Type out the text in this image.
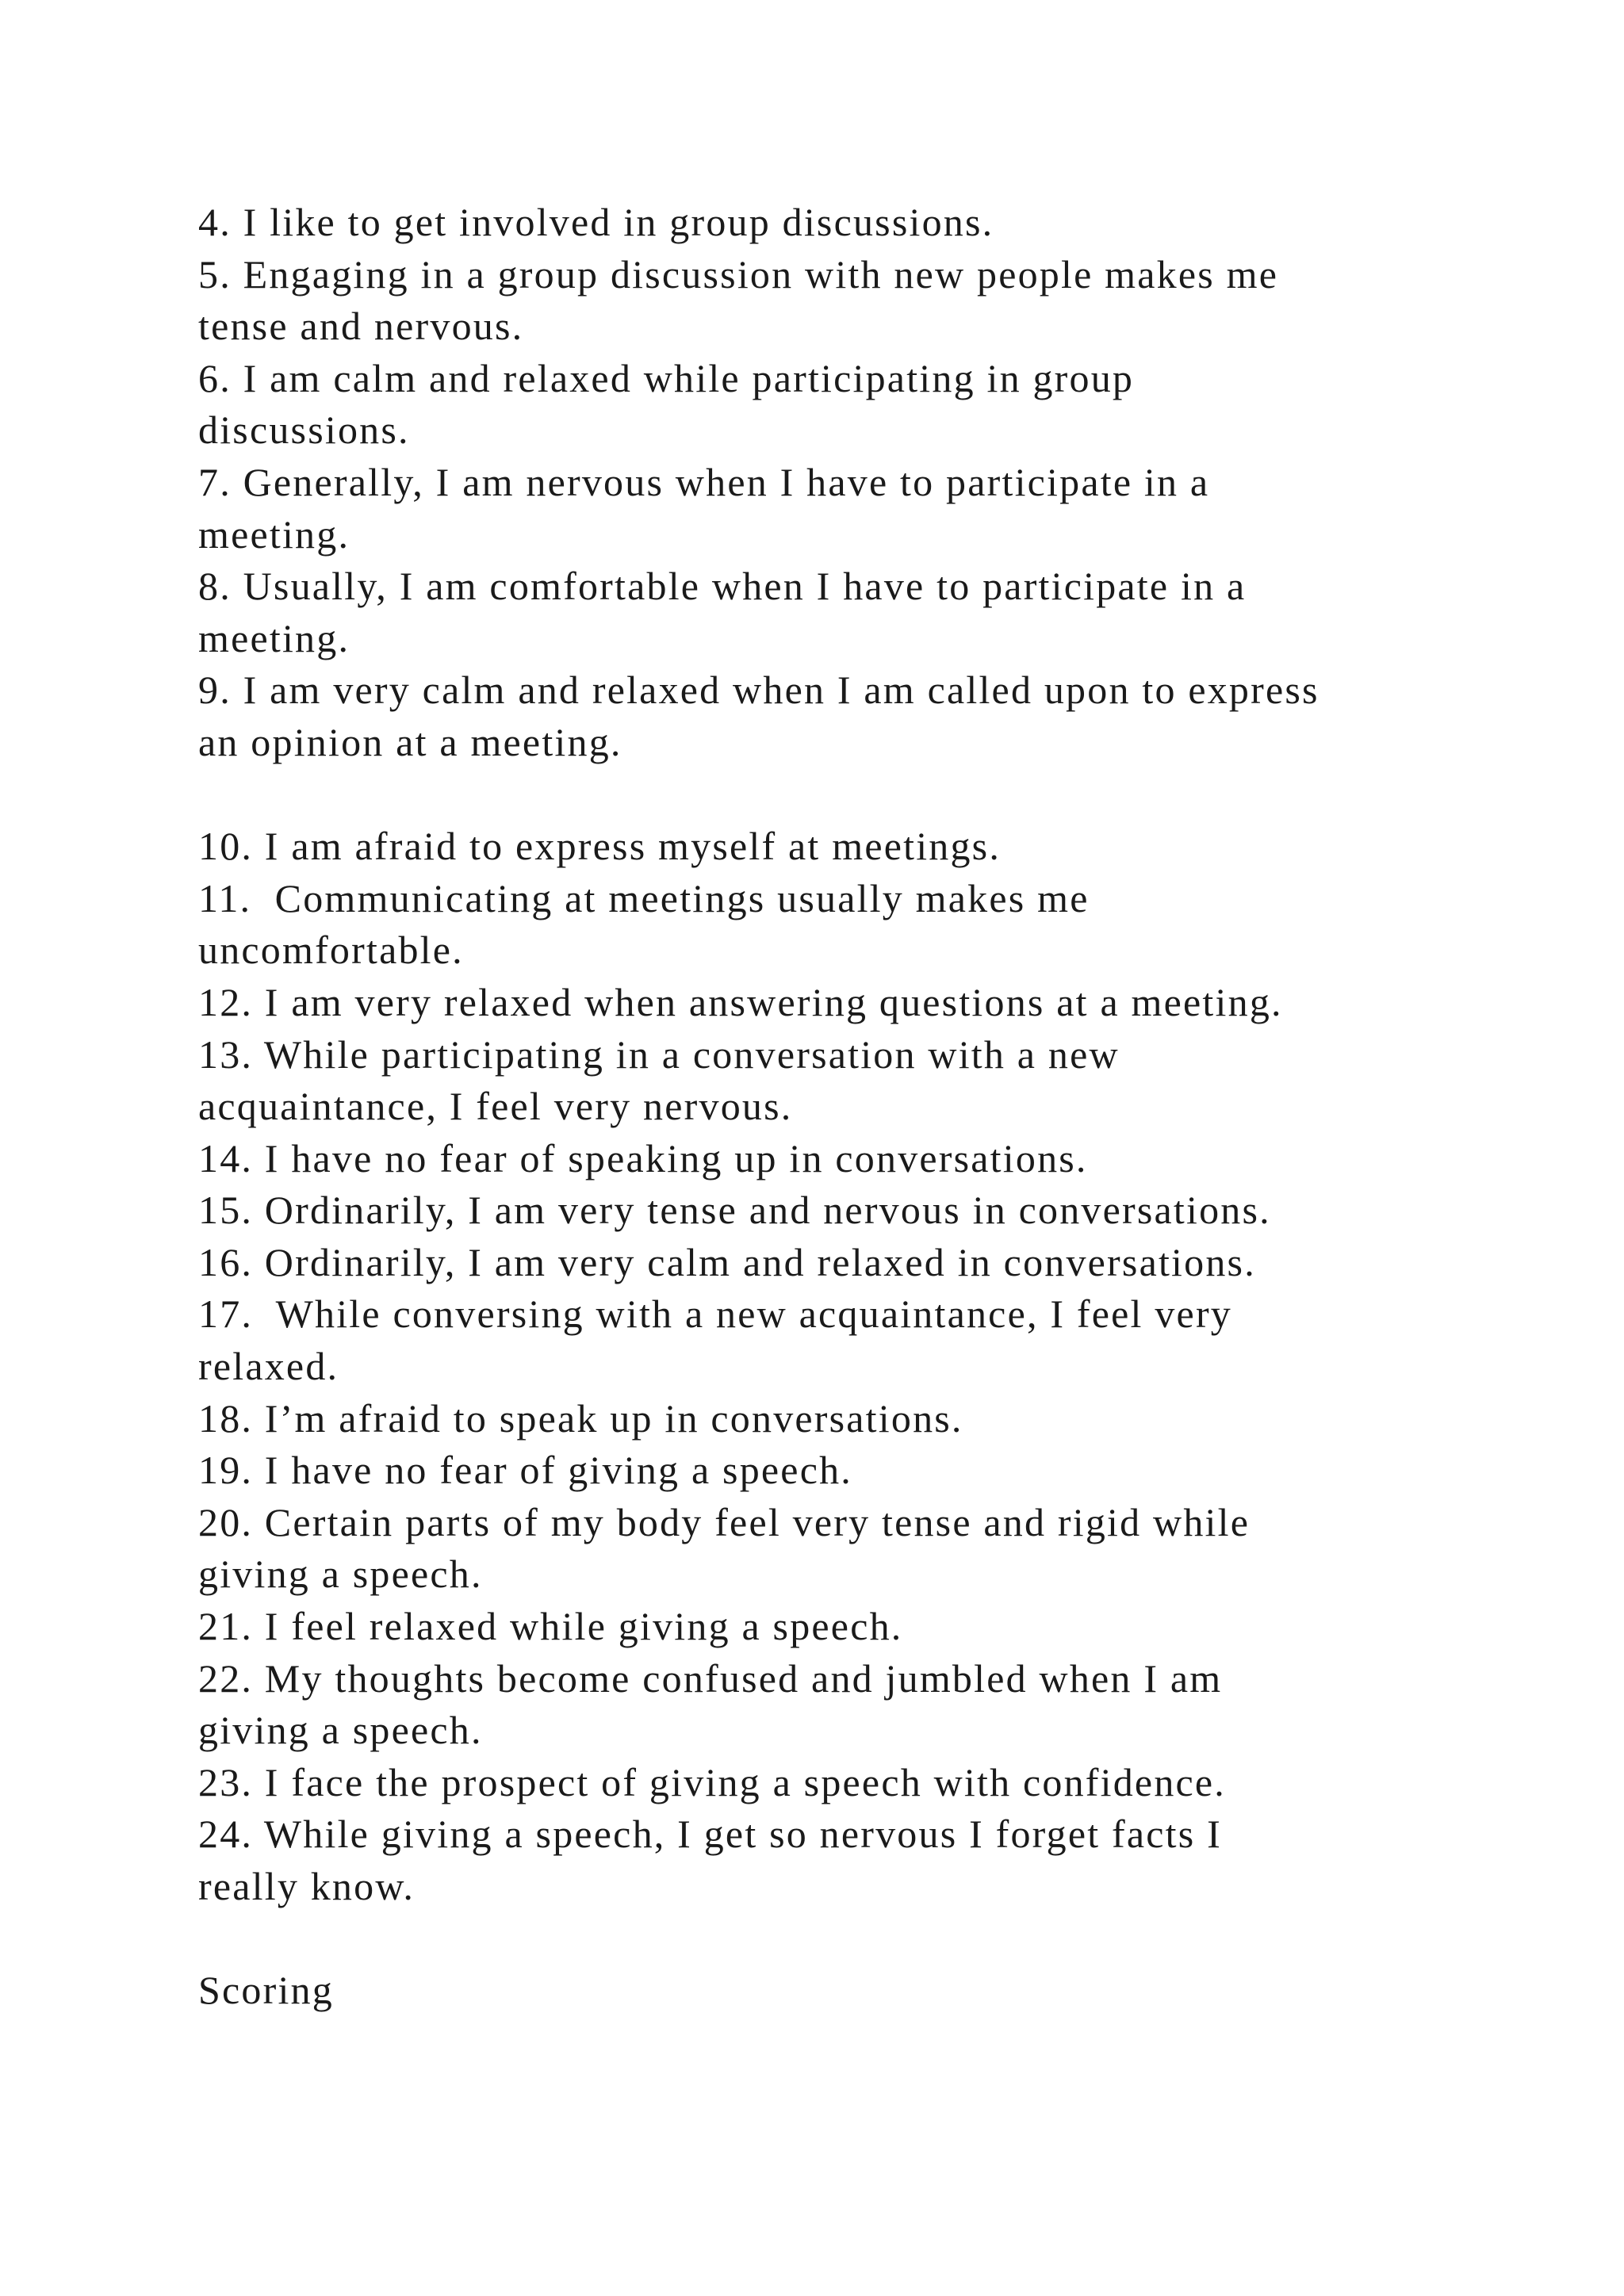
4. I like to get involved in group discussions.
5. Engaging in a group discussion with new people makes me
tense and nervous.
6. I am calm and relaxed while participating in group
discussions.
7. Generally, I am nervous when I have to participate in a
meeting.
8. Usually, I am comfortable when I have to participate in a
meeting.
9. I am very calm and relaxed when I am called upon to express
an opinion at a meeting.
10. I am afraid to express myself at meetings.
11.  Communicating at meetings usually makes me
uncomfortable.
12. I am very relaxed when answering questions at a meeting.
13. While participating in a conversation with a new
acquaintance, I feel very nervous.
14. I have no fear of speaking up in conversations.
15. Ordinarily, I am very tense and nervous in conversations.
16. Ordinarily, I am very calm and relaxed in conversations.
17.  While conversing with a new acquaintance, I feel very
relaxed.
18. I’m afraid to speak up in conversations.
19. I have no fear of giving a speech.
20. Certain parts of my body feel very tense and rigid while
giving a speech.
21. I feel relaxed while giving a speech.
22. My thoughts become confused and jumbled when I am
giving a speech.
23. I face the prospect of giving a speech with confidence.
24. While giving a speech, I get so nervous I forget facts I
really know.
Scoring
